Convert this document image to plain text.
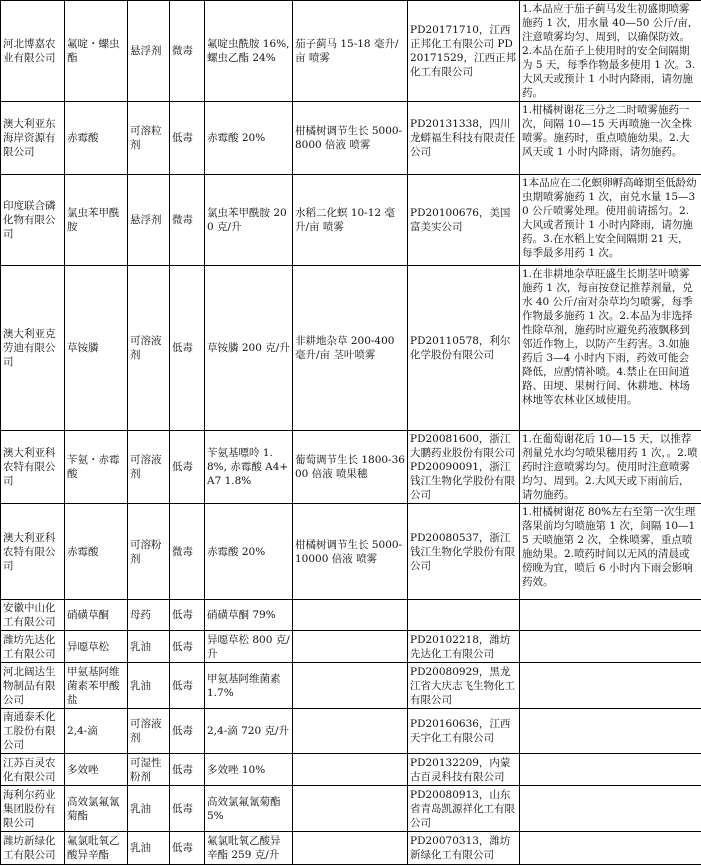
河北博嘉农业有限公司	氟啶・螺虫酯	悬浮剂	微毒	氟啶虫酰胺 16%, 螺虫乙酯 24%	茄子蓟马 15-18 毫升/亩 喷雾	PD20171710，江西正邦化工有限公司 PD20171529，江西正邦化工有限公司	1.本品应于茄子蓟马发生初盛期喷雾施药 1 次，用水量 40—50 公斤/亩，注意喷雾均匀、周到，以确保防效。2.本品在茄子上使用时的安全间隔期为 5 天，每季作物最多使用 1 次。3.大风天或预计 1 小时内降雨，请勿施药。
澳大利亚东海岸资源有限公司	赤霉酸	可溶粒剂	低毒	赤霉酸 20%	柑橘树调节生长 5000-8000 倍液 喷雾	PD20131338，四川龙蟒福生科技有限责任公司	1.柑橘树谢花三分之二时喷雾施药一次，间隔 10—15 天再喷施一次全株喷雾。施药时，重点喷施幼果。2.大风天或 1 小时内降雨，请勿施药。
印度联合磷化物有限公司	氯虫苯甲酰胺	悬浮剂	微毒	氯虫苯甲酰胺 200 克/升	水稻二化螟 10-12 毫升/亩 喷雾	PD20100676，美国富美实公司	1本品应在二化螟卵孵高峰期至低龄幼虫期喷雾施药 1 次，亩兑水量 15—30 公斤喷雾处理。使用前请摇匀。2.大风或者预计 1 小时内降雨，请勿施药。3.在水稻上安全间隔期 21 天，每季最多用药 1 次。
澳大利亚克劳迪有限公司	草铵膦	可溶液剂	低毒	草铵膦 200 克/升	非耕地杂草 200-400 毫升/亩 茎叶喷雾	PD20110578，利尔化学股份有限公司	1.在非耕地杂草旺盛生长期茎叶喷雾施药 1 次，每亩按登记推荐剂量，兑水 40 公斤/亩对杂草均匀喷雾，每季作物最多施药 1 次。2.本品为非选择性除草剂，施药时应避免药液飘移到邻近作物上，以防产生药害。3.如施药后 3—4 小时内下雨，药效可能会降低，应酌情补喷。4.禁止在田间道路、田埂、果树行间、休耕地、林场林地等农林业区域使用。
澳大利亚科农特有限公司	苄氨・赤霉酸	可溶液剂	低毒	苄氨基嘌呤 1.8%, 赤霉酸 A4+A7 1.8%	葡萄调节生长 1800-3600 倍液 喷果穗	PD20081600，浙江大鹏药业股份有限公司 PD20090091，浙江钱江生物化学股份有限公司	1.在葡萄谢花后 10—15 天，以推荐剂量兑水均匀喷果穗用药 1 次，。2.喷药时注意喷雾均匀。使用时注意喷雾均匀、周到。2.大风天或下雨前后，请勿施药。
澳大利亚科农特有限公司	赤霉酸	可溶粉剂	微毒	赤霉酸 20%	柑橘树调节生长 5000-10000 倍液 喷雾	PD20080537，浙江钱江生物化学股份有限公司	1.柑橘树谢花 80%左右至第一次生理落果前均匀喷施第 1 次，间隔 10—15 天喷施第 2 次，全株喷雾，重点喷施幼果。2.喷药时间以无风的清晨或傍晚为宜，喷后 6 小时内下雨会影响药效。
安徽中山化工有限公司	硝磺草酮	母药	低毒	硝磺草酮 79%			
潍坊先达化工有限公司	异噁草松	乳油	低毒	异噁草松 800 克/升		PD20102218，潍坊先达化工有限公司	
河北阔达生物制品有限公司	甲氨基阿维菌素苯甲酸盐	乳油	低毒	甲氨基阿维菌素 1.7%		PD20080929，黑龙江省大庆志飞生物化工有限公司	
南通泰禾化工股份有限公司	2,4-滴	可溶液剂	低毒	2,4-滴 720 克/升		PD20160636，江西天宇化工有限公司	
江苏百灵农化有限公司	多效唑	可湿性粉剂	低毒	多效唑 10%		PD20132209，内蒙古百灵科技有限公司	
海利尔药业集团股份有限公司	高效氯氟氰菊酯	乳油	低毒	高效氯氟氰菊酯 5%		PD20080913，山东省青岛凯源祥化工有限公司	
潍坊新绿化工有限公司	氟氯吡氧乙酸异辛酯	乳油	低毒	氟氯吡氧乙酸异辛酯 259 克/升		PD20070313，潍坊新绿化工有限公司	
